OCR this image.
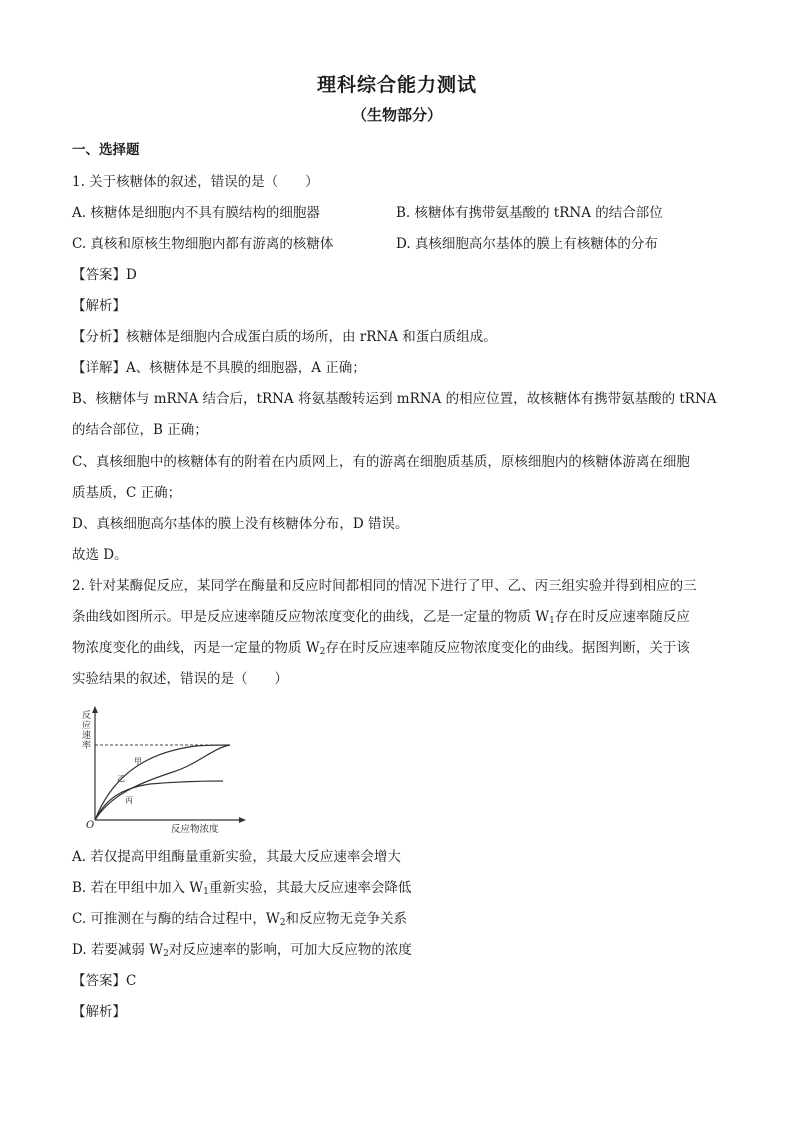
理科综合能力测试
（生物部分）
一、选择题
1. 关于核糖体的叙述，错误的是（　　）
A. 核糖体是细胞内不具有膜结构的细胞器	B. 核糖体有携带氨基酸的 tRNA 的结合部位
C. 真核和原核生物细胞内都有游离的核糖体	D. 真核细胞高尔基体的膜上有核糖体的分布
【答案】D
【解析】
【分析】核糖体是细胞内合成蛋白质的场所，由 rRNA 和蛋白质组成。
【详解】A、核糖体是不具膜的细胞器，A 正确；
B、核糖体与 mRNA 结合后，tRNA 将氨基酸转运到 mRNA 的相应位置，故核糖体有携带氨基酸的 tRNA
的结合部位，B 正确；
C、真核细胞中的核糖体有的附着在内质网上，有的游离在细胞质基质，原核细胞内的核糖体游离在细胞
质基质，C 正确；
D、真核细胞高尔基体的膜上没有核糖体分布，D 错误。
故选 D。
2. 针对某酶促反应，某同学在酶量和反应时间都相同的情况下进行了甲、乙、丙三组实验并得到相应的三
条曲线如图所示。甲是反应速率随反应物浓度变化的曲线，乙是一定量的物质 $W_1$存在时反应速率随反应
物浓度变化的曲线，丙是一定量的物质 $W_2$存在时反应速率随反应物浓度变化的曲线。据图判断，关于该
实验结果的叙述，错误的是（　　）
反应速率
反应物浓度
O
甲
乙
丙
A. 若仅提高甲组酶量重新实验，其最大反应速率会增大
B. 若在甲组中加入 $W_1$重新实验，其最大反应速率会降低
C. 可推测在与酶的结合过程中，$W_2$和反应物无竞争关系
D. 若要减弱 $W_2$对反应速率的影响，可加大反应物的浓度
【答案】C
【解析】
